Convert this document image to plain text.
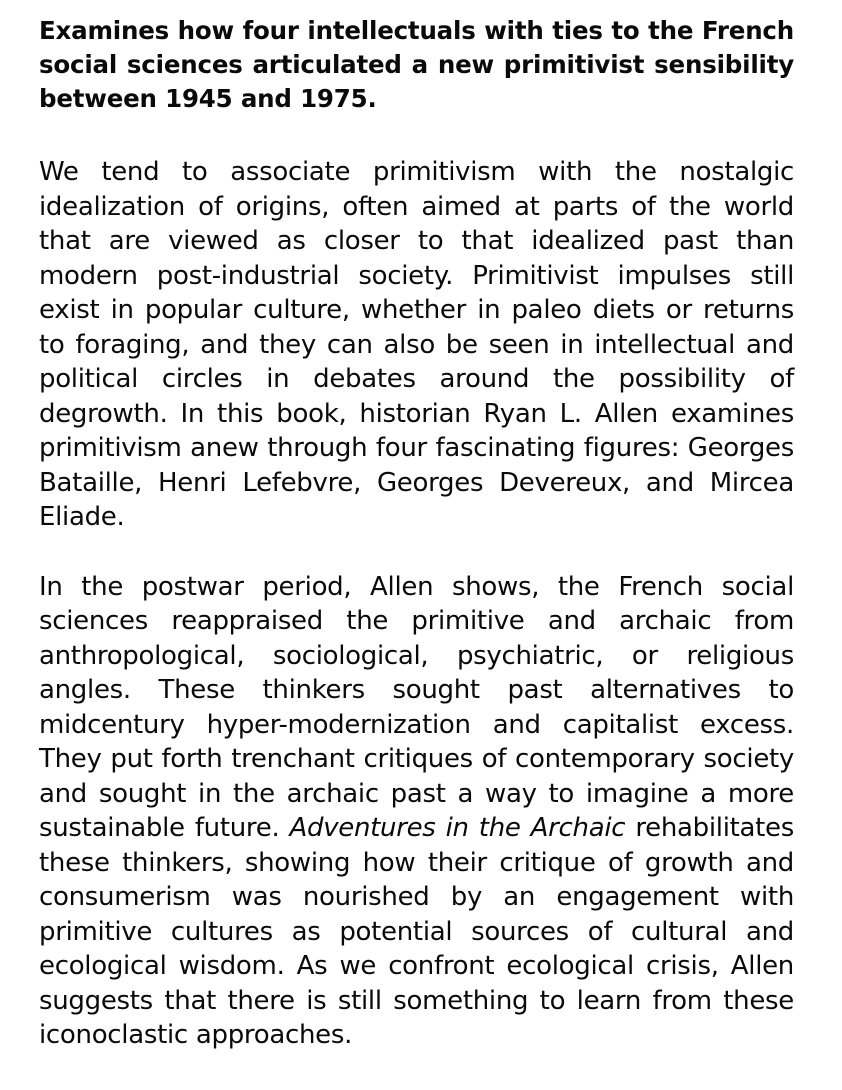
Examines how four intellectuals with ties to the French social sciences articulated a new primitivist sensibility between 1945 and 1975.

We tend to associate primitivism with the nostalgic idealization of origins, often aimed at parts of the world that are viewed as closer to that idealized past than modern post-industrial society. Primitivist impulses still exist in popular culture, whether in paleo diets or returns to foraging, and they can also be seen in intellectual and political circles in debates around the possibility of degrowth. In this book, historian Ryan L. Allen examines primitivism anew through four fascinating figures: Georges Bataille, Henri Lefebvre, Georges Devereux, and Mircea Eliade.

In the postwar period, Allen shows, the French social sciences reappraised the primitive and archaic from anthropological, sociological, psychiatric, or religious angles. These thinkers sought past alternatives to midcentury hyper-modernization and capitalist excess. They put forth trenchant critiques of contemporary society and sought in the archaic past a way to imagine a more sustainable future. Adventures in the Archaic rehabilitates these thinkers, showing how their critique of growth and consumerism was nourished by an engagement with primitive cultures as potential sources of cultural and ecological wisdom. As we confront ecological crisis, Allen suggests that there is still something to learn from these iconoclastic approaches.
